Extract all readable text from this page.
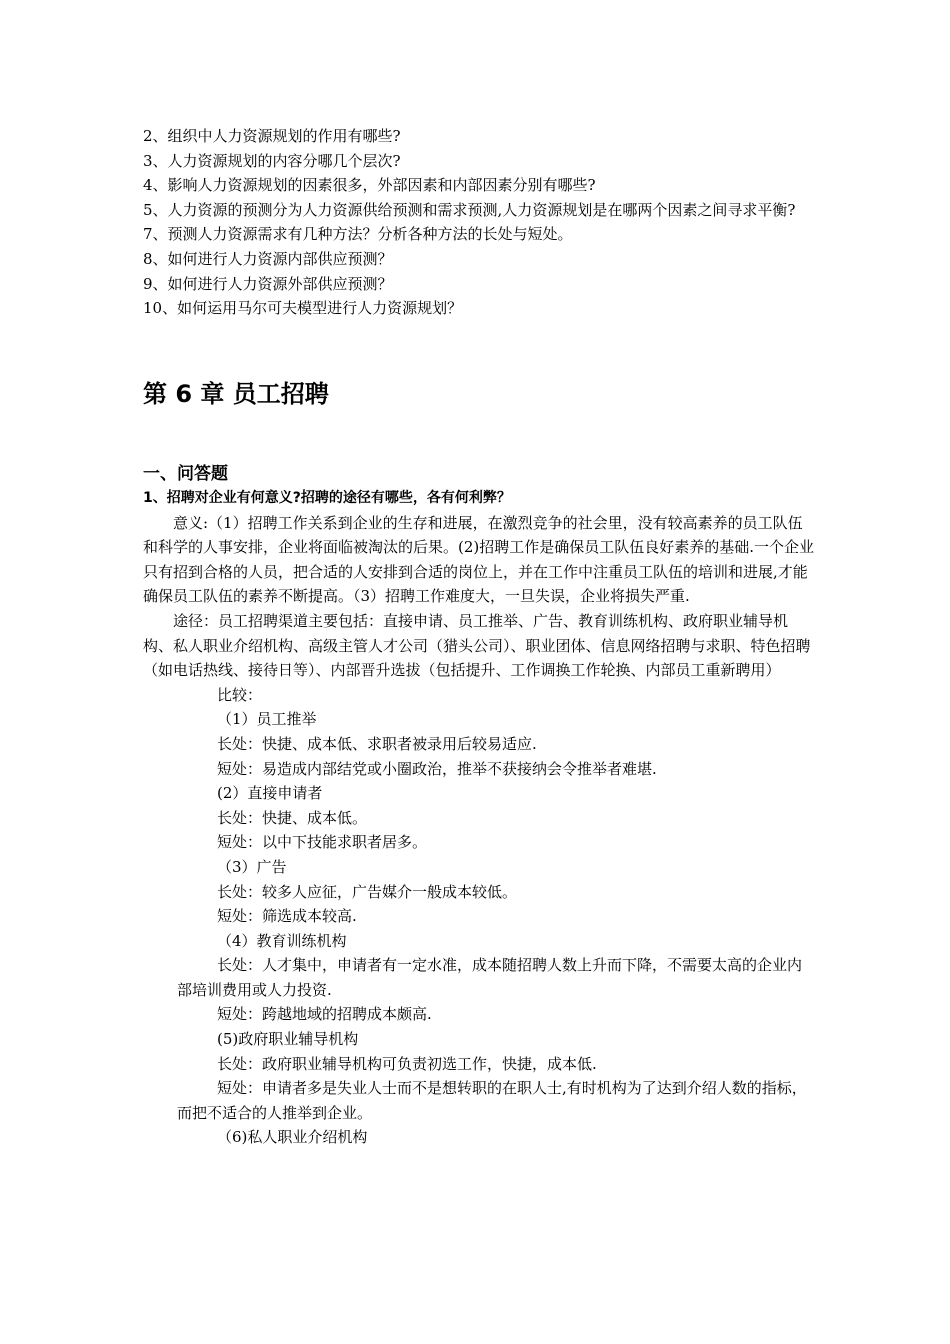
2、组织中人力资源规划的作用有哪些?

3、人力资源规划的内容分哪几个层次?

4、影响人力资源规划的因素很多，外部因素和内部因素分别有哪些?

5、人力资源的预测分为人力资源供给预测和需求预测,人力资源规划是在哪两个因素之间寻求平衡?

7、预测人力资源需求有几种方法？分析各种方法的长处与短处。

8、如何进行人力资源内部供应预测？

9、如何进行人力资源外部供应预测？

10、如何运用马尔可夫模型进行人力资源规划？

第 6 章 员工招聘
一、问答题

1、招聘对企业有何意义?招聘的途径有哪些，各有何利弊？

意义:（1）招聘工作关系到企业的生存和进展，在激烈竞争的社会里，没有较高素养的员工队伍和科学的人事安排，企业将面临被淘汰的后果。(2)招聘工作是确保员工队伍良好素养的基础.一个企业只有招到合格的人员，把合适的人安排到合适的岗位上，并在工作中注重员工队伍的培训和进展,才能确保员工队伍的素养不断提高。（3）招聘工作难度大，一旦失误，企业将损失严重.

途径：员工招聘渠道主要包括：直接申请、员工推举、广告、教育训练机构、政府职业辅导机构、私人职业介绍机构、高级主管人才公司（猎头公司）、职业团体、信息网络招聘与求职、特色招聘（如电话热线、接待日等）、内部晋升选拔（包括提升、工作调换工作轮换、内部员工重新聘用）

比较：

（1）员工推举

长处：快捷、成本低、求职者被录用后较易适应.

短处：易造成内部结党或小圈政治，推举不获接纳会令推举者难堪.

(2）直接申请者

长处：快捷、成本低。

短处：以中下技能求职者居多。

（3）广告

长处：较多人应征，广告媒介一般成本较低。

短处：筛选成本较高.

（4）教育训练机构

长处：人才集中，申请者有一定水准，成本随招聘人数上升而下降，不需要太高的企业内部培训费用或人力投资.

短处：跨越地域的招聘成本颇高.

(5)政府职业辅导机构

长处：政府职业辅导机构可负责初选工作，快捷，成本低.

短处：申请者多是失业人士而不是想转职的在职人士,有时机构为了达到介绍人数的指标，而把不适合的人推举到企业。

（6)私人职业介绍机构
